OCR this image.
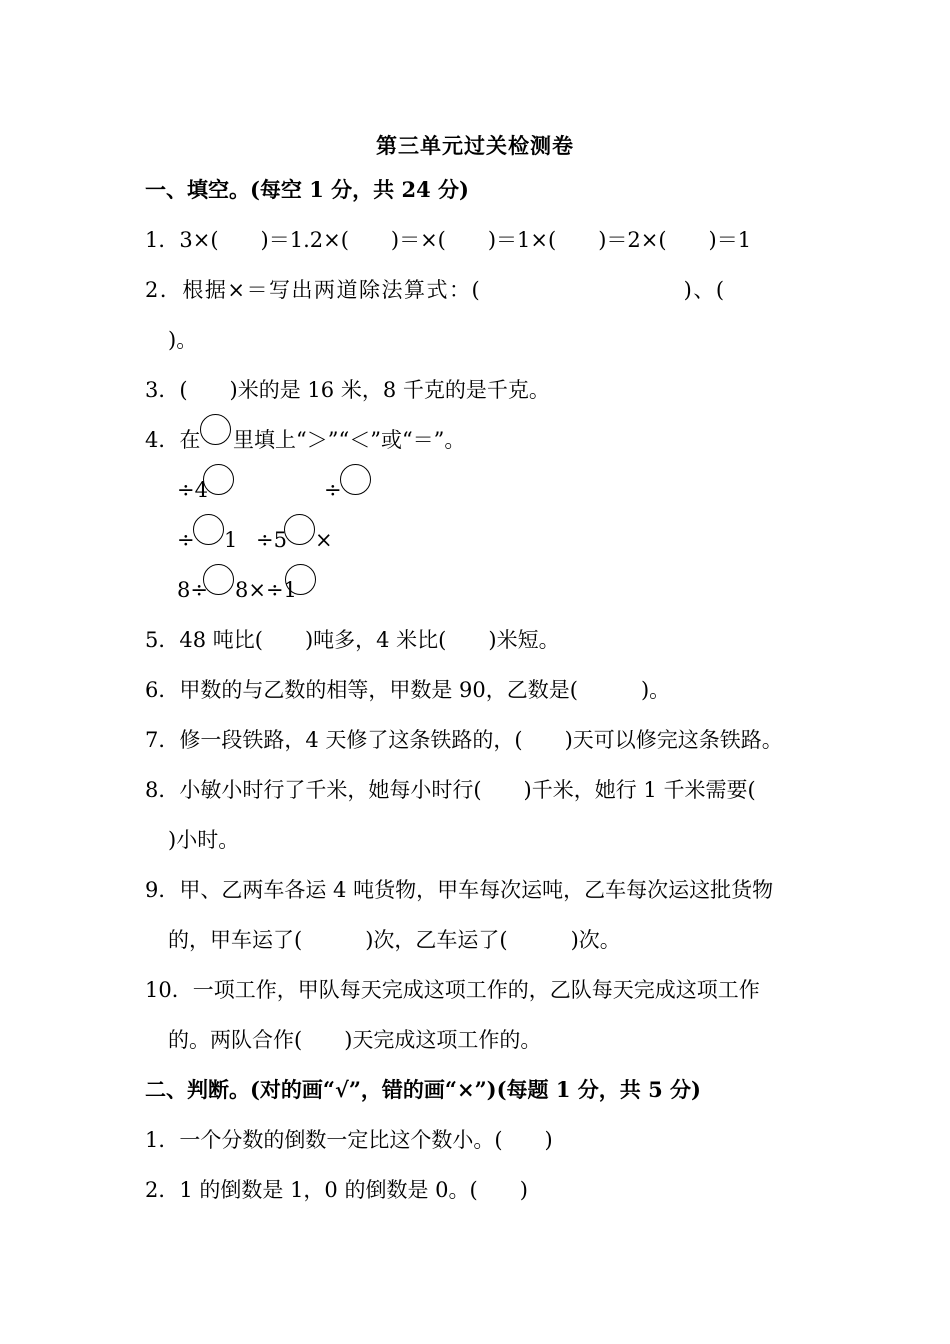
第三单元过关检测卷
一、填空。(每空 1 分，共 24 分)
1．3×(　　)＝1.2×(　　)＝×(　　)＝1×(　　)＝2×(　　)＝1
2．根据×＝写出两道除法算式：(　　　　　　　　　)、(
)。
3．(　　)米的是 16 米，8 千克的是千克。
4．在 里填上“＞”“＜”或“＝”。
÷4	÷
÷ 1 ÷5 ×
8÷ 8×÷1
5．48 吨比(　　)吨多，4 米比(　　)米短。
6．甲数的与乙数的相等，甲数是 90，乙数是(　　　)。
7．修一段铁路，4 天修了这条铁路的，(　　)天可以修完这条铁路。
8．小敏小时行了千米，她每小时行(　　)千米，她行 1 千米需要(
)小时。
9．甲、乙两车各运 4 吨货物，甲车每次运吨，乙车每次运这批货物
的，甲车运了(　　　)次，乙车运了(　　　)次。
10．一项工作，甲队每天完成这项工作的，乙队每天完成这项工作
的。两队合作(　　)天完成这项工作的。
二、判断。(对的画“√”，错的画“×”)(每题 1 分，共 5 分)
1．一个分数的倒数一定比这个数小。(　　)
2．1 的倒数是 1，0 的倒数是 0。(　　)
